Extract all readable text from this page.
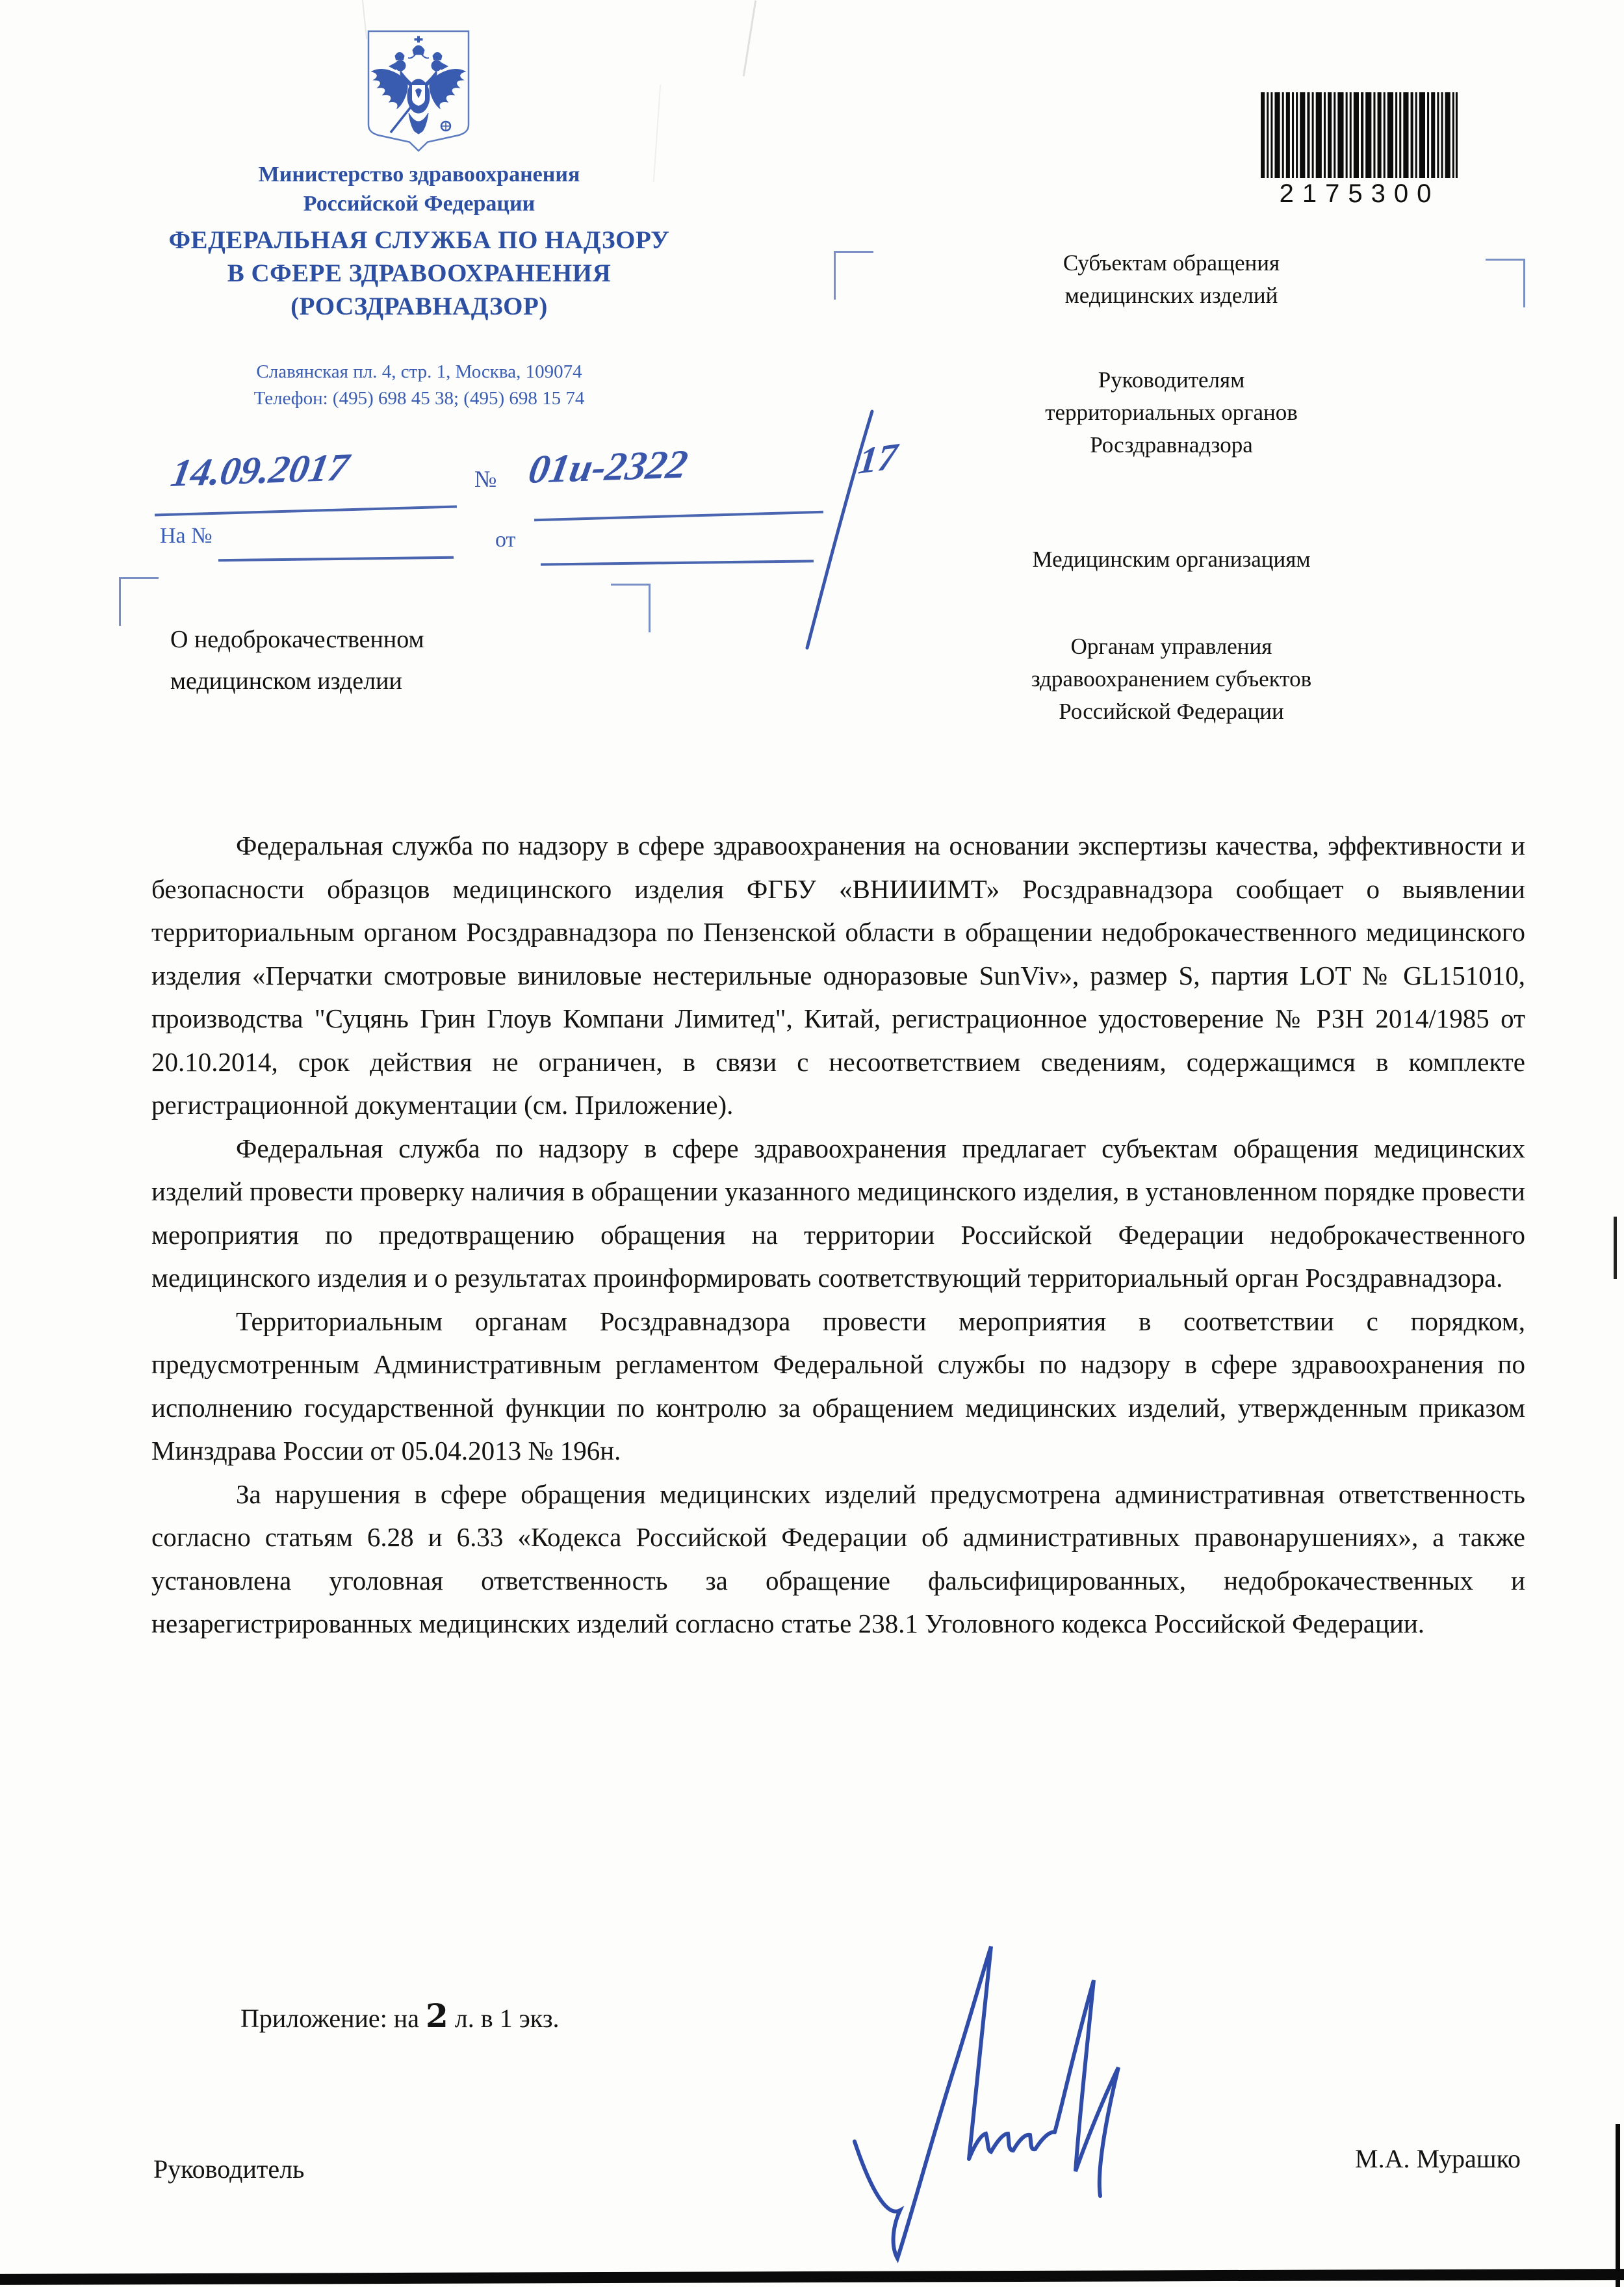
Министерство здравоохранения
Российской Федерации
ФЕДЕРАЛЬНАЯ СЛУЖБА ПО НАДЗОРУ
В СФЕРЕ ЗДРАВООХРАНЕНИЯ
(РОСЗДРАВНАДЗОР)
Славянская пл. 4, стр. 1, Москва, 109074
Телефон: (495) 698 45 38; (495) 698 15 74
2175300
14.09.2017	№ 01и-2322	17
На №	от
Субъектам обращения
медицинских изделий
Руководителям
территориальных органов
Росздравнадзора
Медицинским организациям
Органам управления
здравоохранением субъектов
Российской Федерации
О недоброкачественном
медицинском изделии

Федеральная служба по надзору в сфере здравоохранения на основании экспертизы качества, эффективности и безопасности образцов медицинского изделия ФГБУ «ВНИИИМТ» Росздравнадзора сообщает о выявлении территориальным органом Росздравнадзора по Пензенской области в обращении недоброкачественного медицинского изделия «Перчатки смотровые виниловые нестерильные одноразовые SunViv», размер S, партия LOT № GL151010, производства "Суцянь Грин Глоув Компани Лимитед", Китай, регистрационное удостоверение № РЗН 2014/1985 от 20.10.2014, срок действия не ограничен, в связи с несоответствием сведениям, содержащимся в комплекте регистрационной документации (см. Приложение).

Федеральная служба по надзору в сфере здравоохранения предлагает субъектам обращения медицинских изделий провести проверку наличия в обращении указанного медицинского изделия, в установленном порядке провести мероприятия по предотвращению обращения на территории Российской Федерации недоброкачественного медицинского изделия и о результатах проинформировать соответствующий территориальный орган Росздравнадзора.

Территориальным органам Росздравнадзора провести мероприятия в соответствии с порядком, предусмотренным Административным регламентом Федеральной службы по надзору в сфере здравоохранения по исполнению государственной функции по контролю за обращением медицинских изделий, утвержденным приказом Минздрава России от 05.04.2013 № 196н.

За нарушения в сфере обращения медицинских изделий предусмотрена административная ответственность согласно статьям 6.28 и 6.33 «Кодекса Российской Федерации об административных правонарушениях», а также установлена уголовная ответственность за обращение фальсифицированных, недоброкачественных и незарегистрированных медицинских изделий согласно статье 238.1 Уголовного кодекса Российской Федерации.

Приложение: на 2 л. в 1 экз.
Руководитель	М.А. Мурашко
